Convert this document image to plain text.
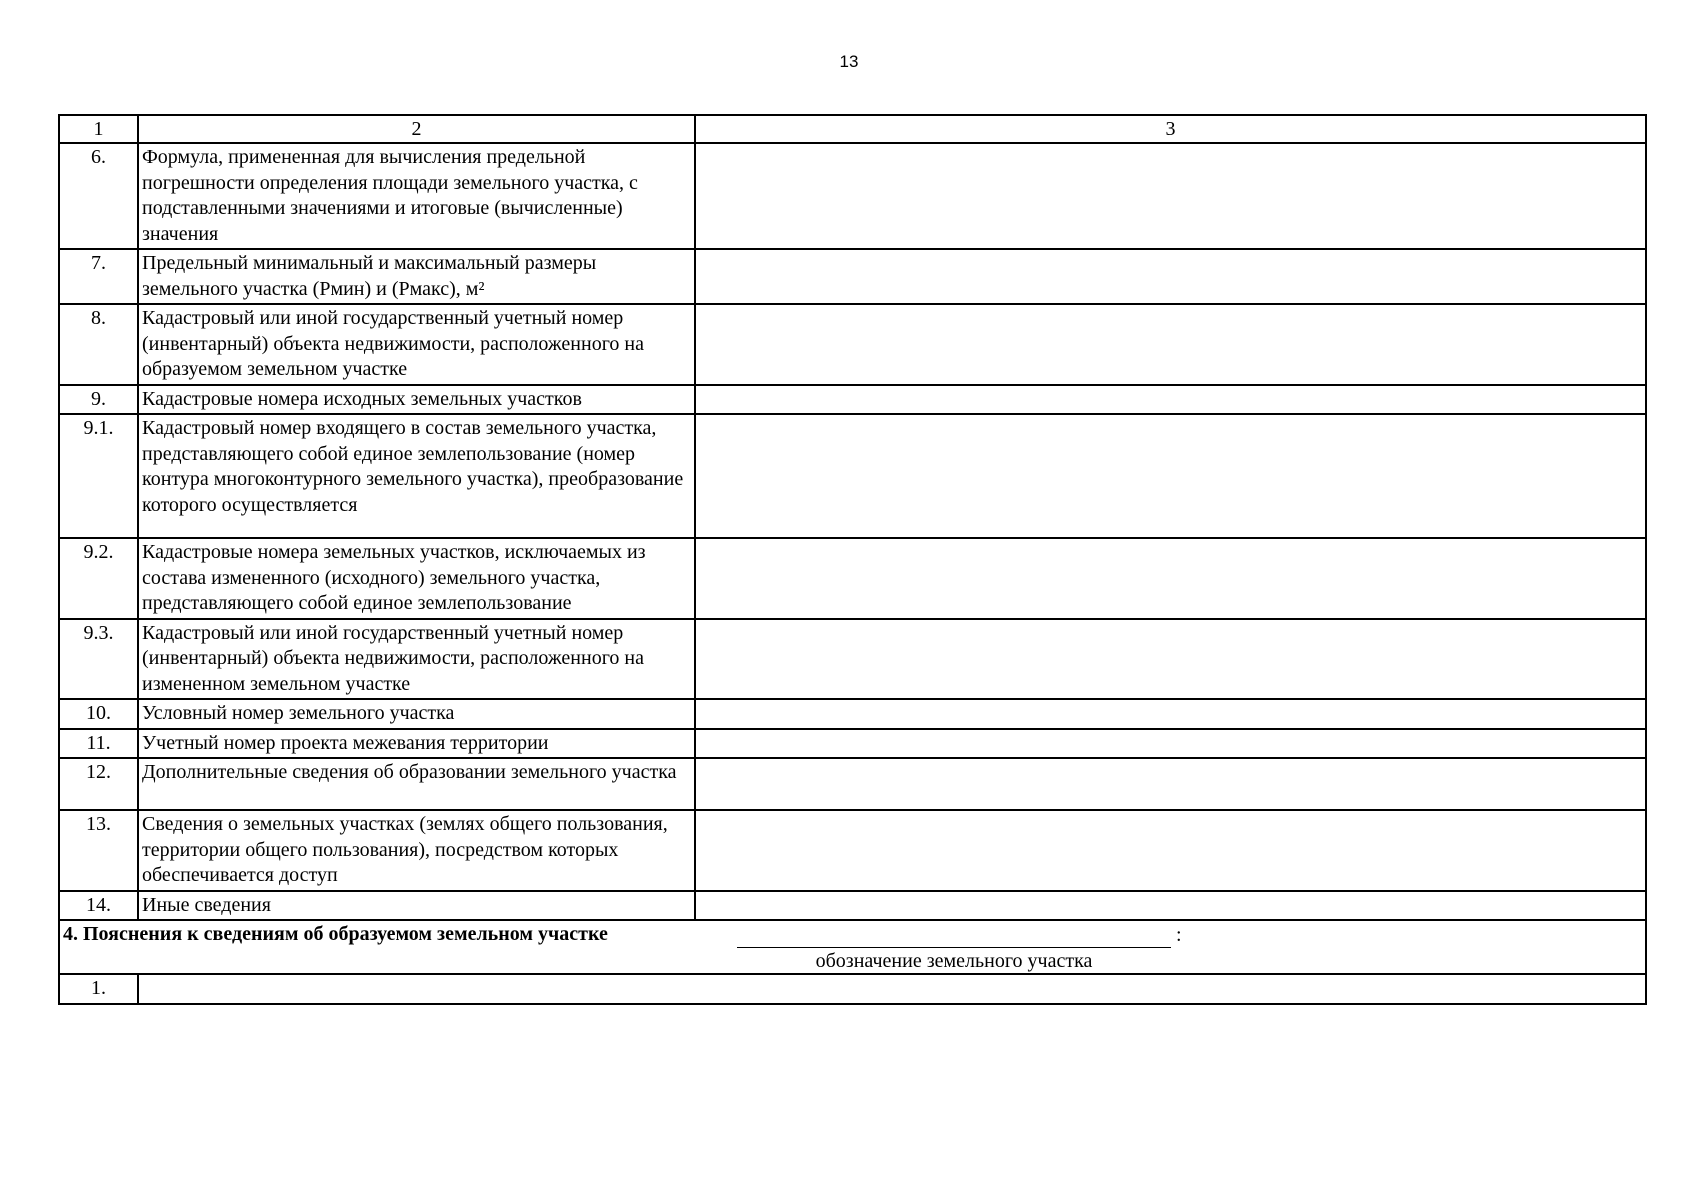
13
1	2	3
6.	Формула, примененная для вычисления предельной погрешности определения площади земельного участка, с подставленными значениями и итоговые (вычисленные) значения	
7.	Предельный минимальный и максимальный размеры земельного участка (Рмин) и (Рмакс), м²	
8.	Кадастровый или иной государственный учетный номер (инвентарный) объекта недвижимости, расположенного на образуемом земельном участке	
9.	Кадастровые номера исходных земельных участков	
9.1.	Кадастровый номер входящего в состав земельного участка, представляющего собой единое землепользование (номер контура многоконтурного земельного участка), преобразование которого осуществляется	
9.2.	Кадастровые номера земельных участков, исключаемых из состава измененного (исходного) земельного участка, представляющего собой единое землепользование	
9.3.	Кадастровый или иной государственный учетный номер (инвентарный) объекта недвижимости, расположенного на измененном земельном участке	
10.	Условный номер земельного участка	
11.	Учетный номер проекта межевания территории	
12.	Дополнительные сведения об образовании земельного участка	
13.	Сведения о земельных участках (землях общего пользования, территории общего пользования), посредством которых обеспечивается доступ	
14.	Иные сведения	

4. Пояснения к сведениям об образуемом земельном участке :
обозначение земельного участка		

1.		
